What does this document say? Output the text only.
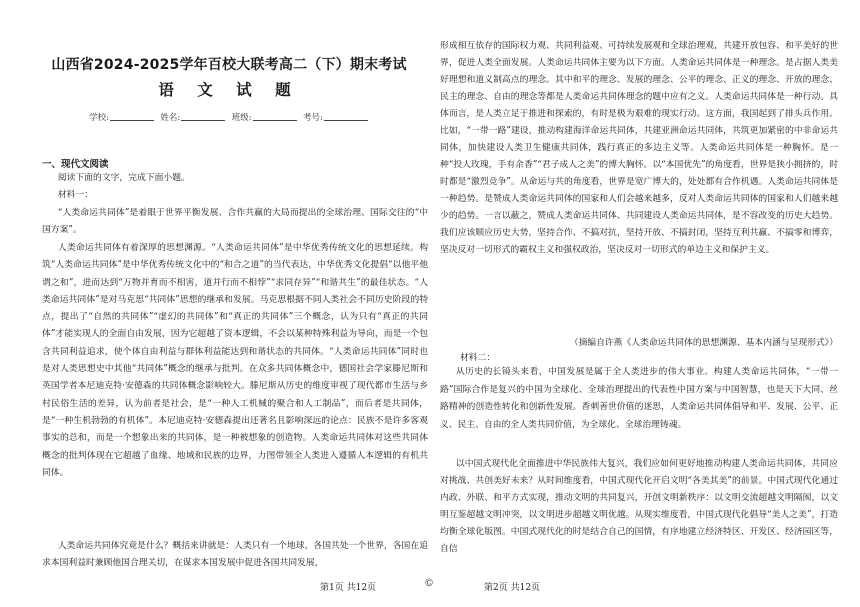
山西省2024-2025学年百校大联考高二（下）期末考试
语 文 试 题
学校:	姓名:	班级:	考号:
一、现代文阅读

阅读下面的文字，完成下面小题。

材料一：

“人类命运共同体”是着眼于世界平衡发展、合作共赢的大局而提出的全球治理、国际交往的“中国方案”。

人类命运共同体有着深厚的思想渊源。“人类命运共同体”是中华优秀传统文化的思想延续。构筑“人类命运共同体”是中华优秀传统文化中的“和合之道”的当代表达，中华优秀文化提倡“以他平他谓之和”，进而达到“万物并育而不相害，道并行而不相悖”“求同存异”“和谐共生”的最佳状态。“人类命运共同体”是对马克思“共同体”思想的继承和发展。马克思根据不同人类社会不同历史阶段的特点，提出了“自然的共同体”“虚幻的共同体”和“真正的共同体”三个概念，认为只有“真正的共同体”才能实现人的全面自由发展，因为它超越了资本逻辑，不会以某种特殊利益为导向，而是一个包含共同利益追求，使个体自由利益与群体利益能达到和谐状态的共同体。“人类命运共同体”同时也是对人类思想史中其他“共同体”概念的继承与批判。在众多共同体概念中，德国社会学家滕尼斯和英国学者本尼迪克特·安德森的共同体概念影响较大。滕尼斯从历史的维度审视了现代都市生活与乡村民俗生活的差异，认为前者是社会，是“一种人工机械的聚合和人工制品”，而后者是共同体，是“一种生机勃勃的有机体”。本尼迪克特·安德森提出还著名且影响深远的论点：民族不是许多客观事实的总和，而是一个想象出来的共同体，是一种被想象的创造物。人类命运共同体对这些共同体概念的批判体现在它超越了血缘、地域和民族的边界，力图带领全人类进入遵循人本逻辑的有机共同体。

人类命运共同体究竟是什么？概括来讲就是：人类只有一个地球，各国共处一个世界，各国在追求本国利益时兼顾他国合理关切，在谋求本国发展中促进各国共同发展，

第1页 共12页	©

形成相互依存的国际权力观、共同利益观、可持续发展观和全球治理观，共建开放包容、和平美好的世界，促进人类全面发展。人类命运共同体主要为以下方面。人类命运共同体是一种理念。是占据人类美好理想和道义制高点的理念。其中和平的理念、发展的理念、公平的理念、正义的理念、开放的理念、民主的理念、自由的理念等都是人类命运共同体理念的题中应有之义。人类命运共同体是一种行动。具体而言，是人类立足于推进和探索的，有时是极为艰难的现实行动。这方面，我国起到了排头兵作用。比如，“一带一路”建设，推动构建海洋命运共同体，共建亚洲命运共同体，共筑更加紧密的中非命运共同体，加快建设人类卫生健康共同体，践行真正的多边主义等。人类命运共同体是一种胸怀。是一种“投人玫瑰，手有余香”“君子成人之美”的博大胸怀。以“本国优先”的角度看，世界是狭小拥挤的，时时都是“激烈竞争”。从命运与共的角度看，世界是宽广博大的，处处都有合作机遇。人类命运共同体是一种趋势。是赞成人类命运共同体的国家和人们会越来越多，反对人类命运共同体的国家和人们越来越少的趋势。一言以蔽之，赞成人类命运共同体、共同建设人类命运共同体，是不容改变的历史大趋势。我们应该顺应历史大势，坚持合作、不搞对抗，坚持开放、不搞封闭，坚持互利共赢、不搞零和博弈，坚决反对一切形式的霸权主义和强权政治，坚决反对一切形式的单边主义和保护主义。

（摘编自许燕《人类命运共同体的思想渊源、基本内涵与呈现形式》）
材料二：

从历史的长镜头来看，中国发展是属于全人类进步的伟大事业。构建人类命运共同体，“一带一路”国际合作是复兴的中国为全球化、全球治理提出的代表性中国方案与中国智慧，也是天下大同、丝路精神的创造性转化和创新性发展。香刺善世价值的迷思，人类命运共同体倡导和平、发展、公平、正义、民主、自由的全人类共同价值，为全球化、全球治理铸魂。

以中国式现代化全面推进中华民族伟大复兴，我们应如何更好地推动构建人类命运共同体，共同应对挑战、共创美好未来？从时间维度看，中国式现代化开启文明“各美其美”的前景。中国式现代化通过内政、外联、和平方式实现，推动文明的共同复兴，开创文明新秩序：以文明交流超越文明隔阂，以文明互鉴超越文明冲突，以文明进步超越文明优越。从现实维度看，中国式现代化倡导“美人之美”，打造均衡全球化版图。中国式现代化的时是结合自己的国情，有序地建立经济特区、开发区、经济园区等，自信

第2页 共12页
